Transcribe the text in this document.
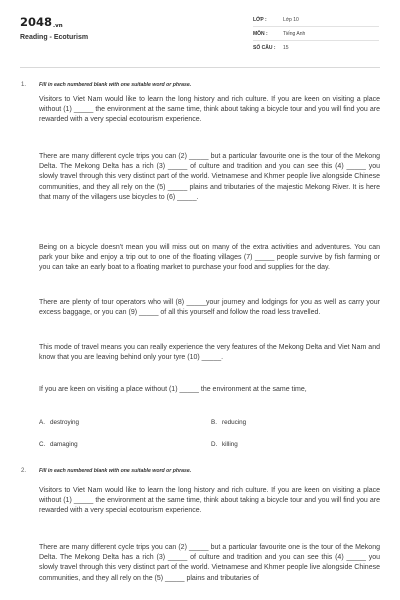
2048.vn
Reading - Ecoturism
LỚP :	Lớp 10
MÔN :	Tiếng Anh
SỐ CÂU : 15
1. Fill in each numbered blank with one suitable word or phrase.

Visitors to Viet Nam would like to learn the long history and rich culture. If you are keen on visiting a place without (1) _____ the environment at the same time, think about taking a bicycle tour and you will find you are rewarded with a very special ecotourism experience.

There are many different cycle trips you can (2) _____ but a particular favourite one is the tour of the Mekong Delta. The Mekong Delta has a rich (3) _____ of culture and tradition and you can see this (4) _____ you slowly travel through this very distinct part of the world. Vietnamese and Khmer people live alongside Chinese communities, and they all rely on the (5) _____ plains and tributaries of the majestic Mekong River. It is here that many of the villagers use bicycles to (6) _____.

Being on a bicycle doesn't mean you will miss out on many of the extra activities and adventures. You can park your bike and enjoy a trip out to one of the floating villages (7) _____ people survive by fish farming or you can take an early boat to a floating market to purchase your food and supplies for the day.

There are plenty of tour operators who will (8) _____your journey and lodgings for you as well as carry your excess baggage, or you can (9) _____ of all this yourself and follow the road less travelled.

This mode of travel means you can really experience the very features of the Mekong Delta and Viet Nam and know that you are leaving behind only your tyre (10) _____.

If you are keen on visiting a place without (1) _____ the environment at the same time,

A. destroying	B. reducing
C. damaging	D. killing
2. Fill in each numbered blank with one suitable word or phrase.

Visitors to Viet Nam would like to learn the long history and rich culture. If you are keen on visiting a place without (1) _____ the environment at the same time, think about taking a bicycle tour and you will find you are rewarded with a very special ecotourism experience.

There are many different cycle trips you can (2) _____ but a particular favourite one is the tour of the Mekong Delta. The Mekong Delta has a rich (3) _____ of culture and tradition and you can see this (4) _____ you slowly travel through this very distinct part of the world. Vietnamese and Khmer people live alongside Chinese communities, and they all rely on the (5) _____ plains and tributaries of
